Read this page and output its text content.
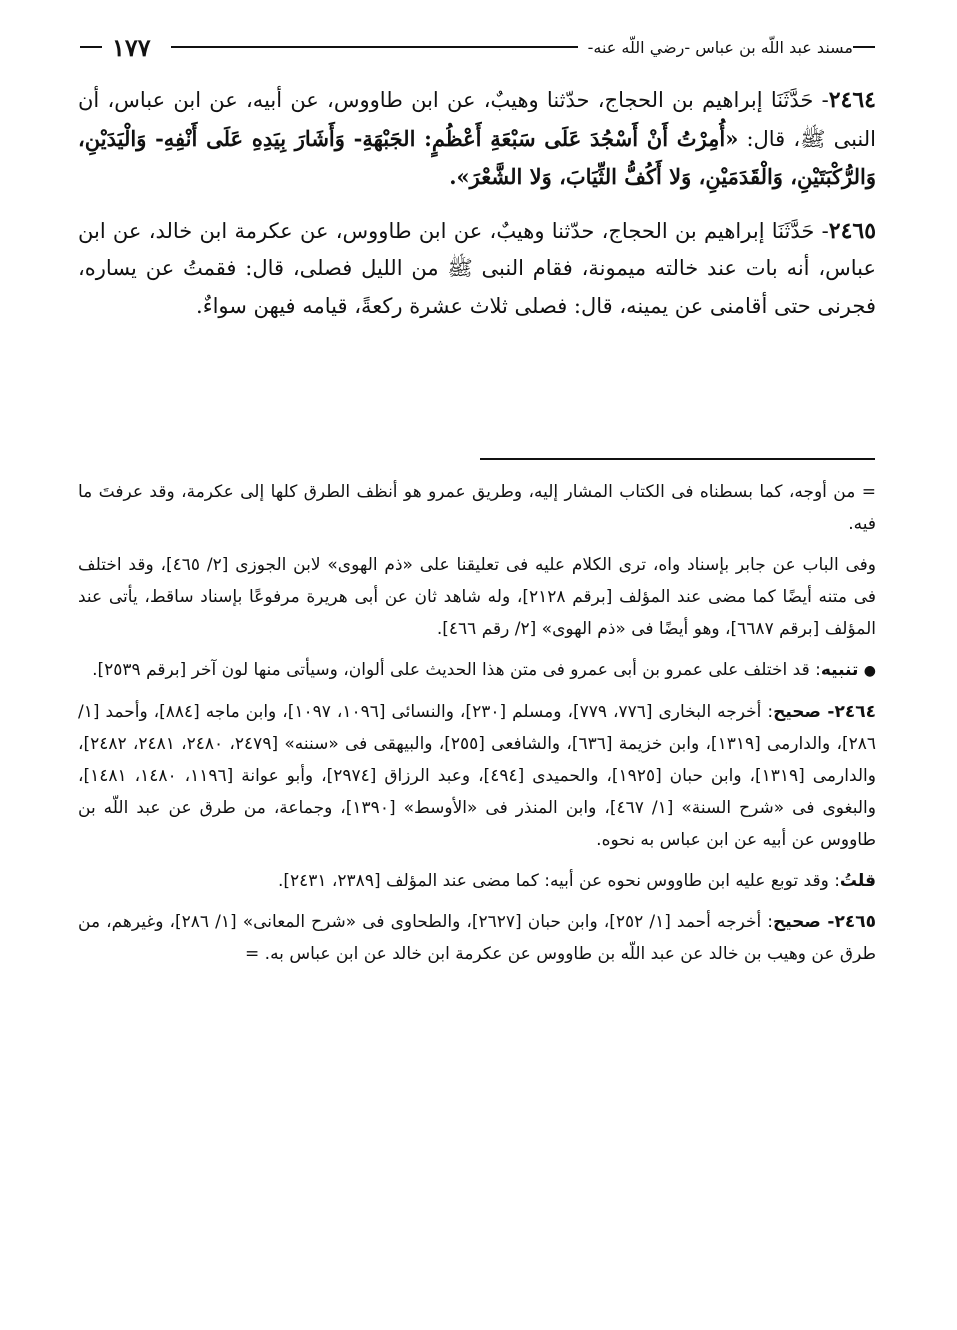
١٧٧	مسند عبد اللّه بن عباس -رضي اللّه عنه-

٢٤٦٤- حَدَّثَنَا إبراهيم بن الحجاج، حدّثنا وهيبٌ، عن ابن طاووس، عن أبيه، عن ابن عباس، أن النبى ﷺ، قال: «أُمِرْتُ أَنْ أَسْجُدَ عَلَى سَبْعَةِ أَعْظُمٍ: الجَبْهَةِ- وَأَشَارَ بِيَدِهِ عَلَى أَنْفِهِ- وَالْيَدَيْنِ، وَالرُّكْبَتَيْنِ، وَالْقَدَمَيْنِ، وَلا أَكُفُّ الثِّيَابَ، وَلا الشَّعْرَ».

٢٤٦٥- حَدَّثَنَا إبراهيم بن الحجاج، حدّثنا وهيبٌ، عن ابن طاووس، عن عكرمة ابن خالد، عن ابن عباس، أنه بات عند خالته ميمونة، فقام النبى ﷺ من الليل فصلى، قال: فقمتُ عن يساره، فجرنى حتى أقامنى عن يمينه، قال: فصلى ثلاث عشرة ركعةً، قيامه فيهن سواءٌ.

= من أوجه، كما بسطناه فى الكتاب المشار إليه، وطريق عمرو هو أنظف الطرق كلها إلى عكرمة، وقد عرفتَ ما فيه.

وفى الباب عن جابر بإسناد واه، ترى الكلام عليه فى تعليقنا على «ذم الهوى» لابن الجوزى [٢/ ٤٦٥]، وقد اختلف فى متنه أيضًا كما مضى عند المؤلف [برقم ٢١٢٨]، وله شاهد ثان عن أبى هريرة مرفوعًا بإسناد ساقط، يأتى عند المؤلف [برقم ٦٦٨٧]، وهو أيضًا فى «ذم الهوى» [٢/ رقم ٤٦٦].

● تنبيه: قد اختلف على عمرو بن أبى عمرو فى متن هذا الحديث على ألوان، وسيأتى منها لون آخر [برقم ٢٥٣٩].

٢٤٦٤- صحيح: أخرجه البخارى [٧٧٦، ٧٧٩]، ومسلم [٢٣٠]، والنسائى [١٠٩٦، ١٠٩٧]، وابن ماجه [٨٨٤]، وأحمد [١/ ٢٨٦]، والدارمى [١٣١٩]، وابن خزيمة [٦٣٦]، والشافعى [٢٥٥]، والبيهقى فى «سننه» [٢٤٧٩، ٢٤٨٠، ٢٤٨١، ٢٤٨٢]، والدارمى [١٣١٩]، وابن حبان [١٩٢٥]، والحميدى [٤٩٤]، وعبد الرزاق [٢٩٧٤]، وأبو عوانة [١١٩٦، ١٤٨٠، ١٤٨١]، والبغوى فى «شرح السنة» [١/ ٤٦٧]، وابن المنذر فى «الأوسط» [١٣٩٠]، وجماعة، من طرق عن عبد اللّه بن طاووس عن أبيه عن ابن عباس به نحوه.

قلتُ: وقد توبع عليه ابن طاووس نحوه عن أبيه: كما مضى عند المؤلف [٢٣٨٩، ٢٤٣١].

٢٤٦٥- صحيح: أخرجه أحمد [١/ ٢٥٢]، وابن حبان [٢٦٢٧]، والطحاوى فى «شرح المعانى» [١/ ٢٨٦]، وغيرهم، من طرق عن وهيب بن خالد عن عبد اللّه بن طاووس عن عكرمة ابن خالد عن ابن عباس به. =
